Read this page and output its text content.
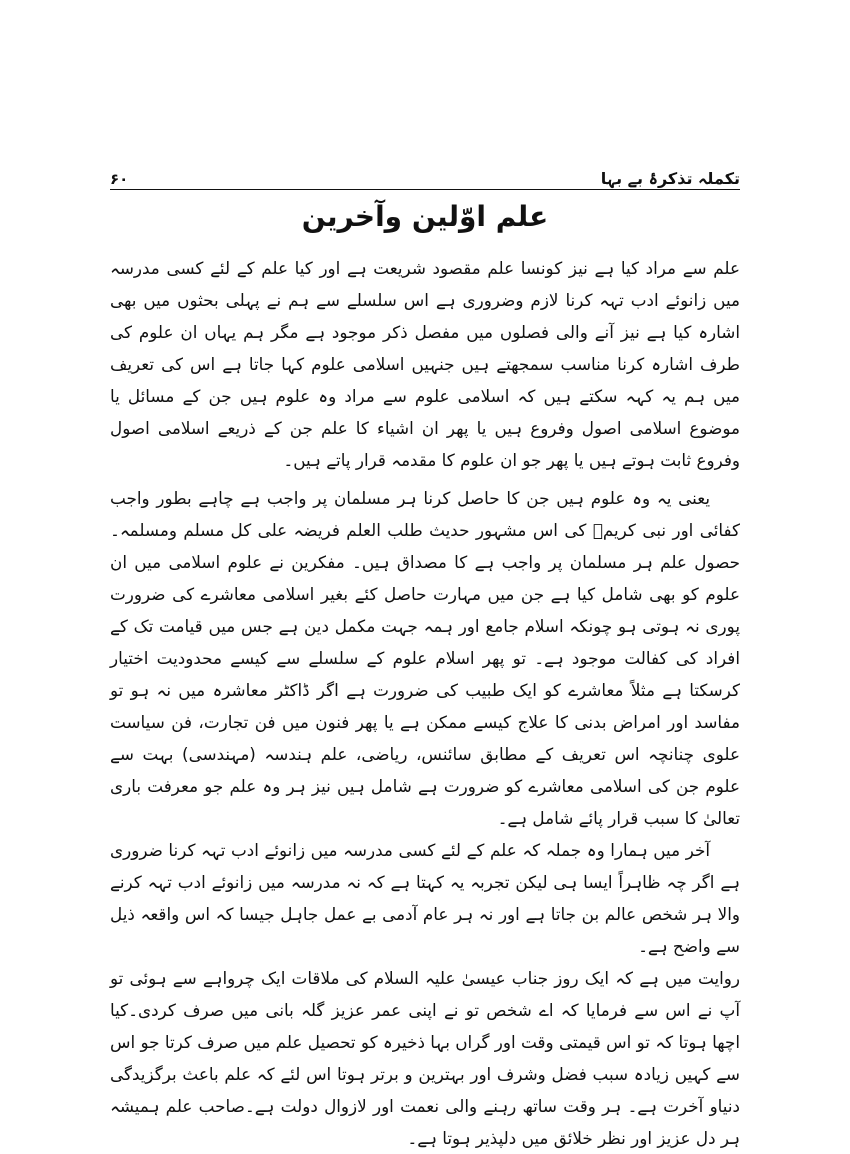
۶۰	تکملہ تذکرۂ بے بہا
علم اوّلین وآخرین

علم سے مراد کیا ہے نیز کونسا علم مقصود شریعت ہے اور کیا علم کے لئے کسی مدرسہ میں زانوئے ادب تہہ کرنا لازم وضروری ہے اس سلسلے سے ہم نے پہلی بحثوں میں بھی اشارہ کیا ہے نیز آنے والی فصلوں میں مفصل ذکر موجود ہے مگر ہم یہاں ان علوم کی طرف اشارہ کرنا مناسب سمجھتے ہیں جنہیں اسلامی علوم کہا جاتا ہے اس کی تعریف میں ہم یہ کہہ سکتے ہیں کہ اسلامی علوم سے مراد وہ علوم ہیں جن کے مسائل یا موضوع اسلامی اصول وفروع ہیں یا پھر ان اشیاء کا علم جن کے ذریعے اسلامی اصول وفروع ثابت ہوتے ہیں یا پھر جو ان علوم کا مقدمہ قرار پاتے ہیں۔

یعنی یہ وہ علوم ہیں جن کا حاصل کرنا ہر مسلمان پر واجب ہے چاہے بطور واجب کفائی اور نبی کریمؐ کی اس مشہور حدیث طلب العلم فریضہ علی کل مسلم ومسلمہ۔حصول علم ہر مسلمان پر واجب ہے کا مصداق ہیں۔ مفکرین نے علوم اسلامی میں ان علوم کو بھی شامل کیا ہے جن میں مہارت حاصل کئے بغیر اسلامی معاشرے کی ضرورت پوری نہ ہوتی ہو چونکہ اسلام جامع اور ہمہ جہت مکمل دین ہے جس میں قیامت تک کے افراد کی کفالت موجود ہے۔ تو پھر اسلام علوم کے سلسلے سے کیسے محدودیت اختیار کرسکتا ہے مثلاً معاشرے کو ایک طبیب کی ضرورت ہے اگر ڈاکٹر معاشرہ میں نہ ہو تو مفاسد اور امراض بدنی کا علاج کیسے ممکن ہے یا پھر فنون میں فن تجارت، فن سیاست علوی چنانچہ اس تعریف کے مطابق سائنس، ریاضی، علم ہندسہ (مہندسی) بہت سے علوم جن کی اسلامی معاشرے کو ضرورت ہے شامل ہیں نیز ہر وہ علم جو معرفت باری تعالیٰ کا سبب قرار پائے شامل ہے۔

آخر میں ہمارا وہ جملہ کہ علم کے لئے کسی مدرسہ میں زانوئے ادب تہہ کرنا ضروری ہے اگر چہ ظاہراً ایسا ہی لیکن تجربہ یہ کہتا ہے کہ نہ مدرسہ میں زانوئے ادب تہہ کرنے والا ہر شخص عالم بن جاتا ہے اور نہ ہر عام آدمی بے عمل جاہل جیسا کہ اس واقعہ ذیل سے واضح ہے۔

روایت میں ہے کہ ایک روز جناب عیسیٰ علیہ السلام کی ملاقات ایک چرواہے سے ہوئی تو آپ نے اس سے فرمایا کہ اے شخص تو نے اپنی عمر عزیز گلہ بانی میں صرف کردی۔کیا اچھا ہوتا کہ تو اس قیمتی وقت اور گراں بہا ذخیرہ کو تحصیل علم میں صرف کرتا جو اس سے کہیں زیادہ سبب فضل وشرف اور بہترین و برتر ہوتا اس لئے کہ علم باعث برگزیدگی دنیاو آخرت ہے۔ ہر وقت ساتھ رہنے والی نعمت اور لازوال دولت ہے۔صاحب علم ہمیشہ ہر دل عزیز اور نظر خلائق میں دلپذیر ہوتا ہے۔
